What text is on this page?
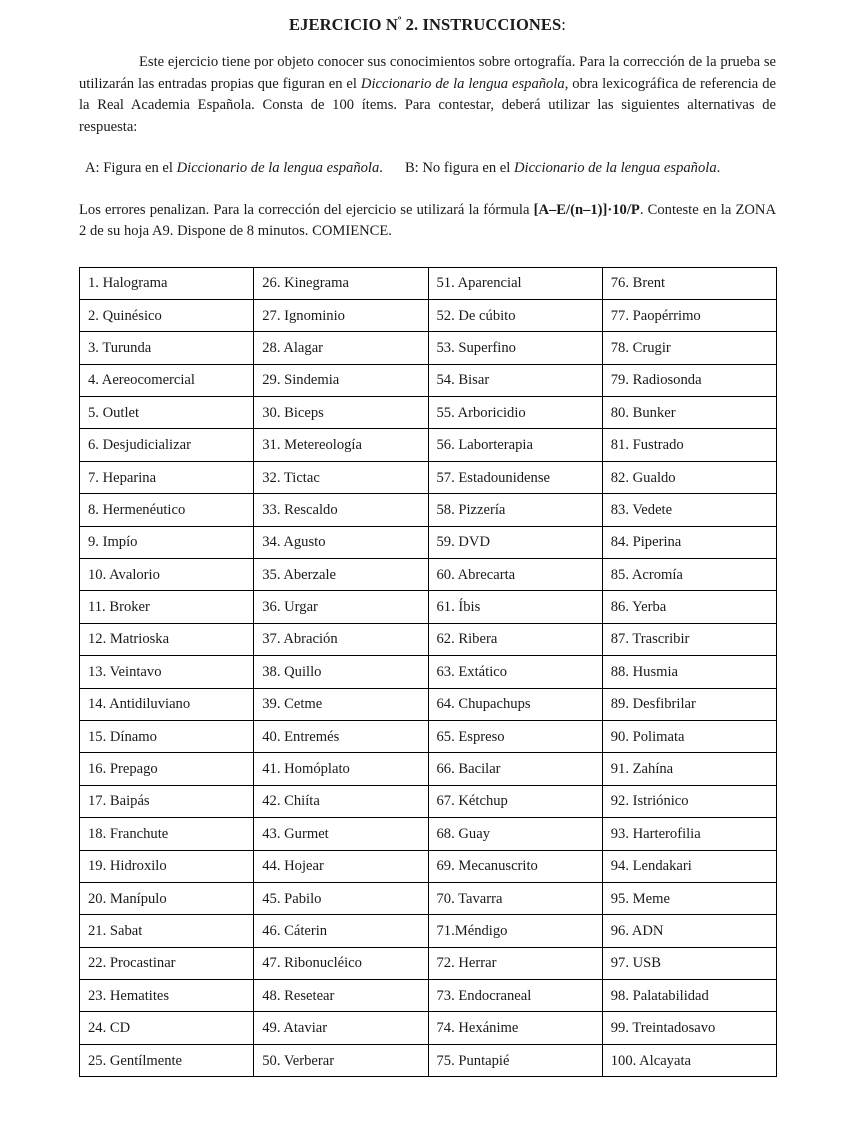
EJERCICIO $N^º$ 2. INSTRUCCIONES:

Este ejercicio tiene por objeto conocer sus conocimientos sobre ortografía. Para la corrección de la prueba se utilizarán las entradas propias que figuran en el Diccionario de la lengua española, obra lexicográfica de referencia de la Real Academia Española. Consta de 100 ítems. Para contestar, deberá utilizar las siguientes alternativas de respuesta:

A: Figura en el Diccionario de la lengua española. B: No figura en el Diccionario de la lengua española.

Los errores penalizan. Para la corrección del ejercicio se utilizará la fórmula [A–E/(n–1)]·10/P. Conteste en la ZONA 2 de su hoja A9. Dispone de 8 minutos. COMIENCE.

1. Halograma	26. Kinegrama	51. Aparencial	76. Brent
2. Quinésico	27. Ignominio	52. De cúbito	77. Paopérrimo
3. Turunda	28. Alagar	53. Superfino	78. Crugir
4. Aereocomercial	29. Sindemia	54. Bisar	79. Radiosonda
5. Outlet	30. Biceps	55. Arboricidio	80. Bunker
6. Desjudicializar	31. Metereología	56. Laborterapia	81. Fustrado
7. Heparina	32. Tictac	57. Estadounidense	82. Gualdo
8. Hermenéutico	33. Rescaldo	58. Pizzería	83. Vedete
9. Impío	34. Agusto	59. DVD	84. Piperina
10. Avalorio	35. Aberzale	60. Abrecarta	85. Acromía
11. Broker	36. Urgar	61. Íbis	86. Yerba
12. Matrioska	37. Abración	62. Ribera	87. Trascribir
13. Veintavo	38. Quillo	63. Extático	88. Husmia
14. Antidiluviano	39. Cetme	64. Chupachups	89. Desfibrilar
15. Dínamo	40. Entremés	65. Espreso	90. Polimata
16. Prepago	41. Homóplato	66. Bacilar	91. Zahína
17. Baipás	42. Chiíta	67. Kétchup	92. Istriónico
18. Franchute	43. Gurmet	68. Guay	93. Harterofilia
19. Hidroxilo	44. Hojear	69. Mecanuscrito	94. Lendakari
20. Manípulo	45. Pabilo	70. Tavarra	95. Meme
21. Sabat	46. Cáterin	71.Méndigo	96. ADN
22. Procastinar	47. Ribonucléico	72. Herrar	97. USB
23. Hematites	48. Resetear	73. Endocraneal	98. Palatabilidad
24. CD	49. Ataviar	74. Hexánime	99. Treintadosavo
25. Gentílmente	50. Verberar	75. Puntapié	100. Alcayata
